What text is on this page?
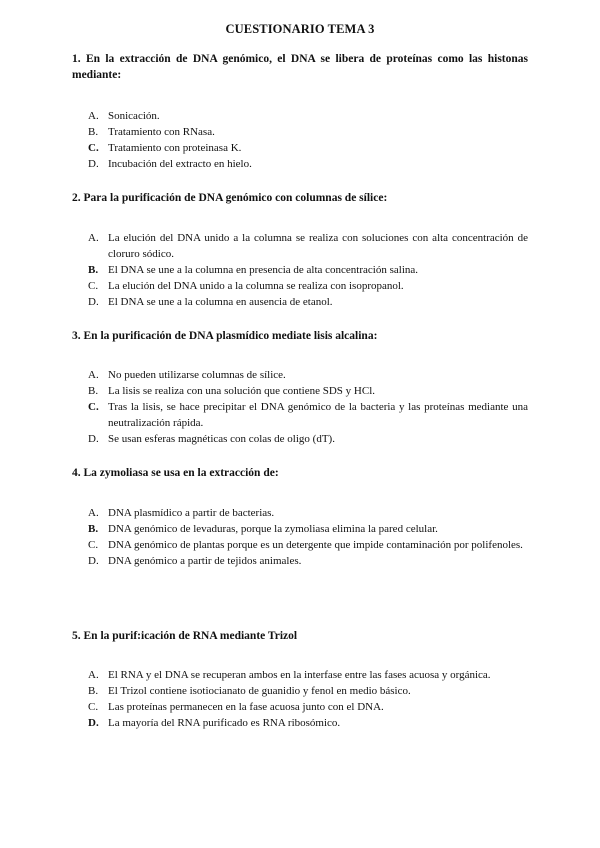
CUESTIONARIO TEMA 3
1. En la extracción de DNA genómico, el DNA se libera de proteínas como las histonas mediante:
A. Sonicación.
B. Tratamiento con RNasa.
C. Tratamiento con proteinasa K.
D. Incubación del extracto en hielo.
2. Para la purificación de DNA genómico con columnas de sílice:
A. La elución del DNA unido a la columna se realiza con soluciones con alta concentración de cloruro sódico.
B. El DNA se une a la columna en presencia de alta concentración salina.
C. La elución del DNA unido a la columna se realiza con isopropanol.
D. El DNA se une a la columna en ausencia de etanol.
3. En la purificación de DNA plasmídico mediate lisis alcalina:
A. No pueden utilizarse columnas de sílice.
B. La lisis se realiza con una solución que contiene SDS y HCl.
C. Tras la lisis, se hace precipitar el DNA genómico de la bacteria y las proteínas mediante una neutralización rápida.
D. Se usan esferas magnéticas con colas de oligo (dT).
4. La zymoliasa se usa en la extracción de:
A. DNA plasmídico a partir de bacterias.
B. DNA genómico de levaduras, porque la zymoliasa elimina la pared celular.
C. DNA genómico de plantas porque es un detergente que impide contaminación por polifenoles.
D. DNA genómico a partir de tejidos animales.
5. En la purif:icación de RNA mediante Trizol
A. El RNA y el DNA se recuperan ambos en la interfase entre las fases acuosa y orgánica.
B. El Trizol contiene isotiocianato de guanidio y fenol en medio básico.
C. Las proteínas permanecen en la fase acuosa junto con el DNA.
D. La mayoría del RNA purificado es RNA ribosómico.
